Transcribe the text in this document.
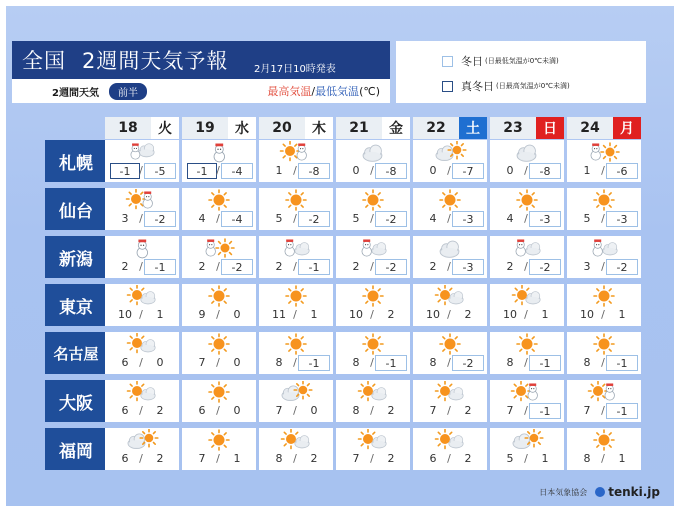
全国 2週間天気予報	2月17日10時発表
2週間天気	前半	最高気温/最低気温(℃)
冬日 (日最低気温が0℃未満)
真冬日 (日最高気温が0℃未満)
18	火	19	水	20	木	21	金	22	土	23	日	24	月
札幌	-1 /	-5	-1 /	-4	1 /	-8	0 /	-8	0 /	-7	0 /	-8	1 /	-6
仙台	3 /	-2	4 /	-4	5 /	-2	5 /	-2	4 /	-3	4 /	-3	5 /	-3
新潟	2 /	-1	2 /	-2	2 /	-1	2 /	-2	2 /	-3	2 /	-2	3 /	-2
東京	10 /	1	9 /	0	11 /	1	10 /	2	10 /	2	10 /	1	10 /	1
名古屋	6 /	0	7 /	0	8 /	-1	8 /	-1	8 /	-2	8 /	-1	8 /	-1
大阪	6 /	2	6 /	0	7 /	0	8 /	2	7 /	2	7 /	-1	7 /	-1
福岡	6 /	2	7 /	1	8 /	2	7 /	2	6 /	2	5 /	1	8 /	1
日本気象協会 tenki.jp
